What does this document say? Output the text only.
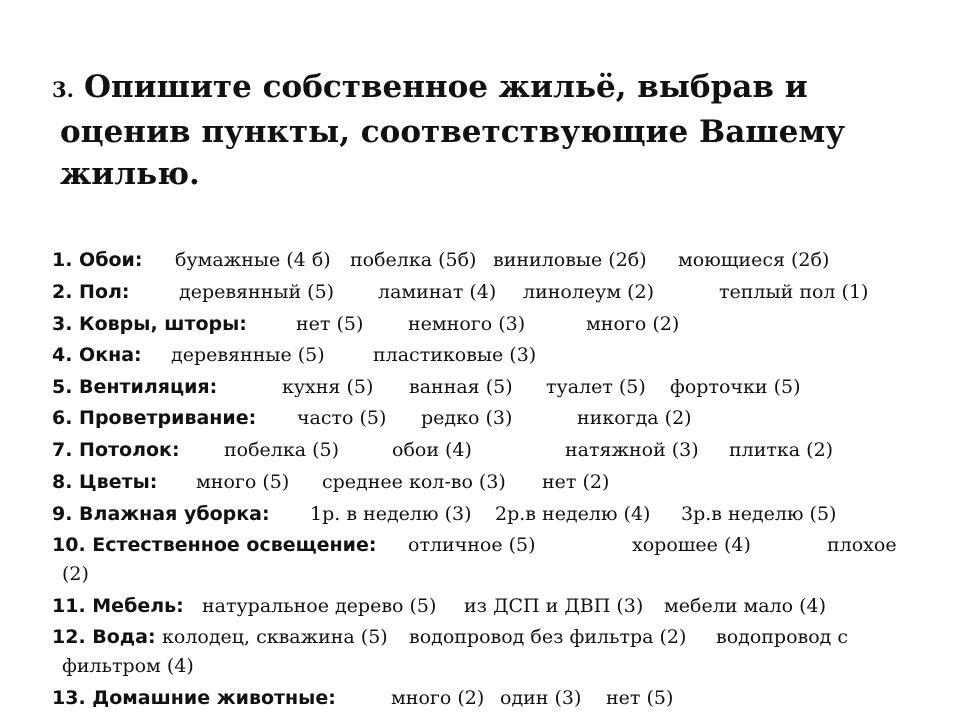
3. Опишите собственное жильё, выбрав и
оценив пункты, соответствующие Вашему
жилью.
1. Обои: бумажные (4 б) побелка (5б) виниловые (2б) моющиеся (2б)
2. Пол:	деревянный (5) ламинат (4) линолеум (2)	теплый пол (1)
3. Ковры, шторы:	нет (5) немного (3)	много (2)
4. Окна: деревянные (5)	пластиковые (3)
5. Вентиляция:	кухня (5) ванная (5) туалет (5) форточки (5)
6. Проветривание: часто (5) редко (3)	никогда (2)
7. Потолок: побелка (5)	обои (4)	натяжной (3) плитка (2)
8. Цветы: много (5) среднее кол-во (3) нет (2)
9. Влажная уборка: 1р. в неделю (3) 2р.в неделю (4) 3р.в неделю (5)
10. Естественное освещение: отличное (5)	хорошее (4)	плохое
(2)
11. Мебель: натуральное дерево (5) из ДСП и ДВП (3) мебели мало (4)
12. Вода: колодец, скважина (5) водопровод без фильтра (2) водопровод с
фильтром (4)
13. Домашние животные:	много (2) один (3) нет (5)
